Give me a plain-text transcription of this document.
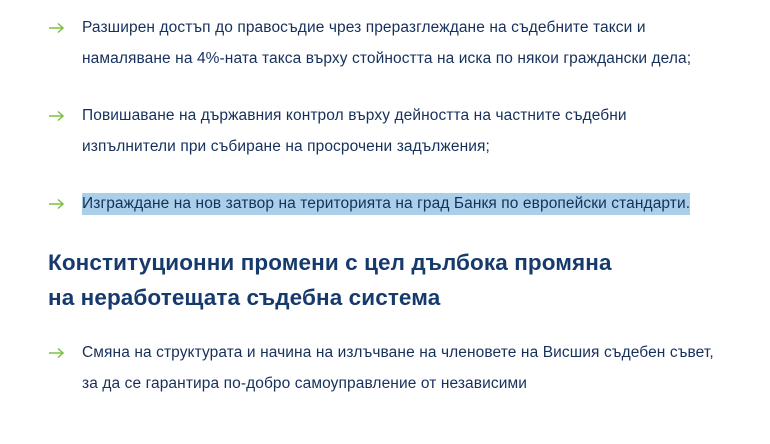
Разширен достъп до правосъдие чрез преразглеждане на съдебните такси и намаляване на 4%-ната такса върху стойността на иска по някои граждански дела;
Повишаване на държавния контрол върху дейността на частните съдебни изпълнители при събиране на просрочени задължения;
Изграждане на нов затвор на територията на град Банкя по европейски стандарти.
Конституционни промени с цел дълбока промяна
на неработещата съдебна система
Смяна на структурата и начина на излъчване на членовете на Висшия съдебен съвет, за да се гарантира по-добро самоуправление от независими
